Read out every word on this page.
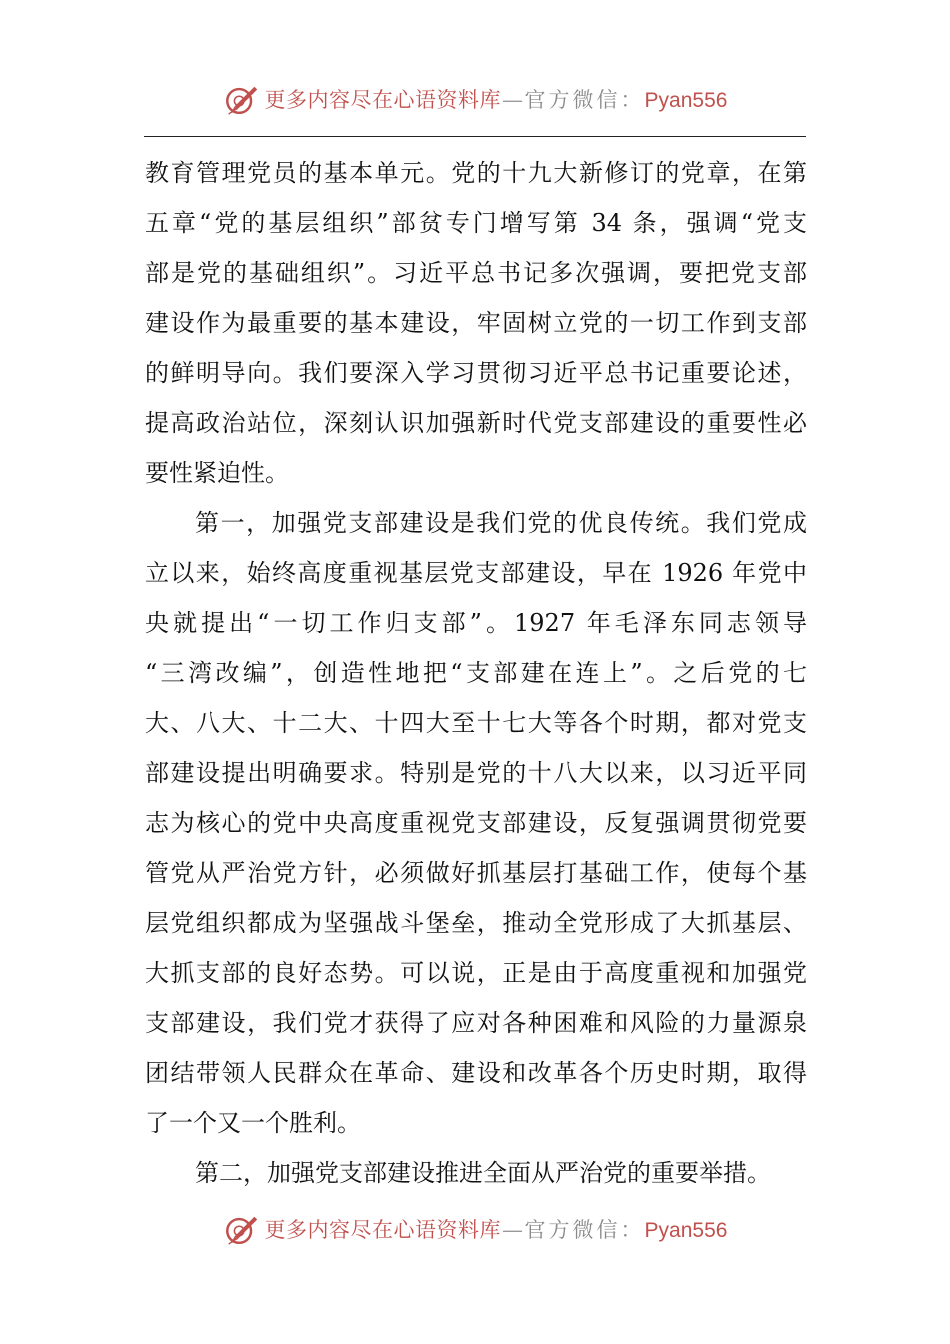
更多内容尽在心语资料库—官方微信：Pyan556
教育管理党员的基本单元。党的十九大新修订的党章，在第
五章“党的基层组织”部贫专门增写第 34 条，强调“党支
部是党的基础组织”。习近平总书记多次强调，要把党支部
建设作为最重要的基本建设，牢固树立党的一切工作到支部
的鲜明导向。我们要深入学习贯彻习近平总书记重要论述，
提高政治站位，深刻认识加强新时代党支部建设的重要性必
要性紧迫性。
第一，加强党支部建设是我们党的优良传统。我们党成
立以来，始终高度重视基层党支部建设，早在 1926 年党中
央就提出“一切工作归支部”。1927 年毛泽东同志领导
“三湾改编”，创造性地把“支部建在连上”。之后党的七
大、八大、十二大、十四大至十七大等各个时期，都对党支
部建设提出明确要求。特别是党的十八大以来，以习近平同
志为核心的党中央高度重视党支部建设，反复强调贯彻党要
管党从严治党方针，必须做好抓基层打基础工作，使每个基
层党组织都成为坚强战斗堡垒，推动全党形成了大抓基层、
大抓支部的良好态势。可以说，正是由于高度重视和加强党
支部建设，我们党才获得了应对各种困难和风险的力量源泉
团结带领人民群众在革命、建设和改革各个历史时期，取得
了一个又一个胜利。
第二，加强党支部建设推进全面从严治党的重要举措。
更多内容尽在心语资料库—官方微信：Pyan556
